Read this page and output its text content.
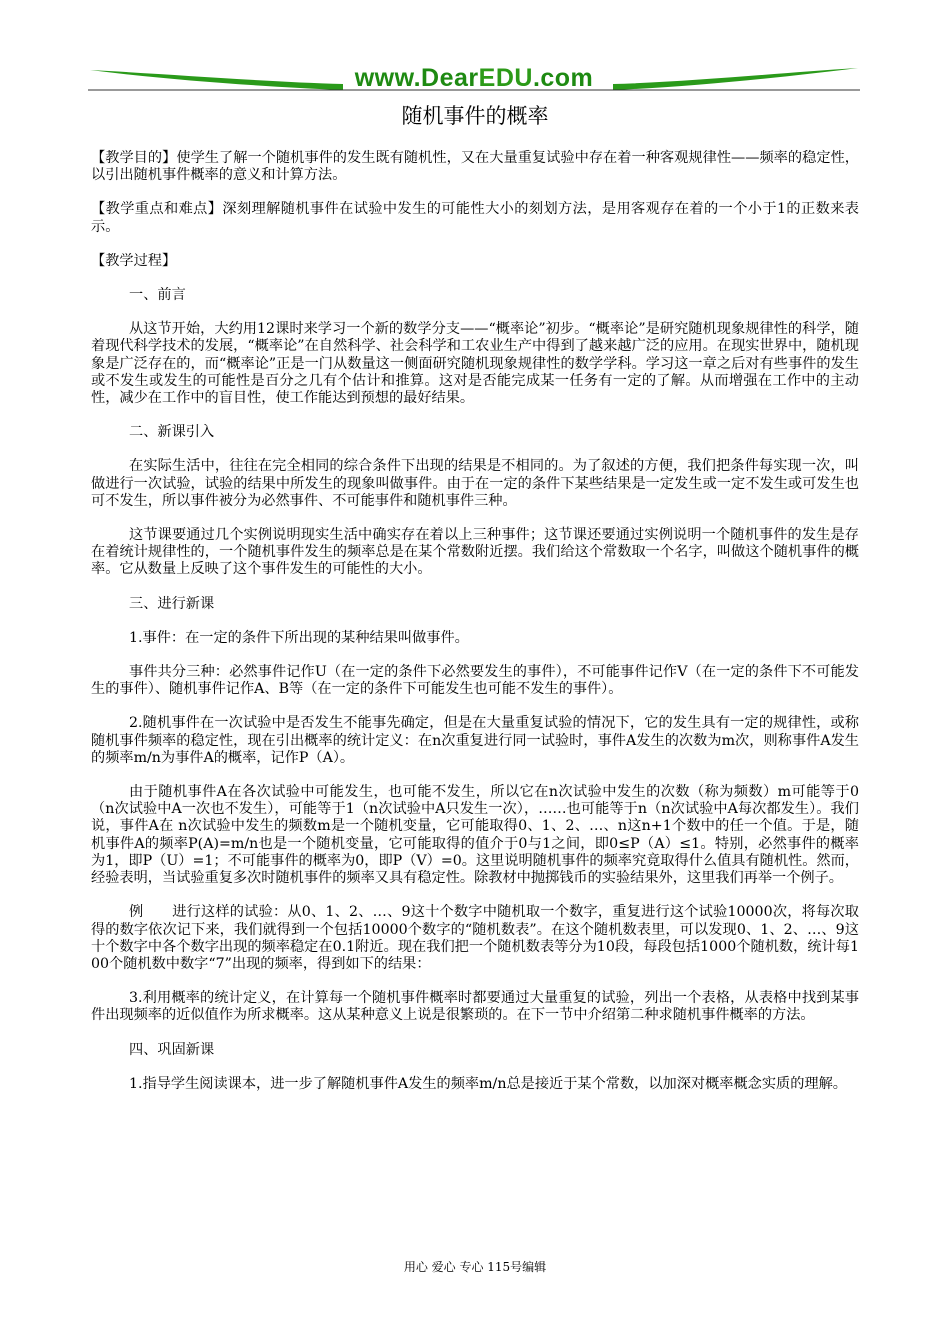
www.DearEDU.com
随机事件的概率

【教学目的】使学生了解一个随机事件的发生既有随机性，又在大量重复试验中存在着一种客观规律性——频率的稳定性，以引出随机事件概率的意义和计算方法。

【教学重点和难点】深刻理解随机事件在试验中发生的可能性大小的刻划方法，是用客观存在着的一个小于1的正数来表示。

【教学过程】

一、前言

从这节开始，大约用12课时来学习一个新的数学分支——“概率论”初步。“概率论”是研究随机现象规律性的科学，随着现代科学技术的发展，“概率论”在自然科学、社会科学和工农业生产中得到了越来越广泛的应用。在现实世界中，随机现象是广泛存在的，而“概率论”正是一门从数量这一侧面研究随机现象规律性的数学学科。学习这一章之后对有些事件的发生或不发生或发生的可能性是百分之几有个估计和推算。这对是否能完成某一任务有一定的了解。从而增强在工作中的主动性，减少在工作中的盲目性，使工作能达到预想的最好结果。

二、新课引入

在实际生活中，往往在完全相同的综合条件下出现的结果是不相同的。为了叙述的方便，我们把条件每实现一次，叫做进行一次试验，试验的结果中所发生的现象叫做事件。由于在一定的条件下某些结果是一定发生或一定不发生或可发生也可不发生，所以事件被分为必然事件、不可能事件和随机事件三种。

这节课要通过几个实例说明现实生活中确实存在着以上三种事件；这节课还要通过实例说明一个随机事件的发生是存在着统计规律性的，一个随机事件发生的频率总是在某个常数附近摆。我们给这个常数取一个名字，叫做这个随机事件的概率。它从数量上反映了这个事件发生的可能性的大小。

三、进行新课

1.事件：在一定的条件下所出现的某种结果叫做事件。

事件共分三种：必然事件记作U（在一定的条件下必然要发生的事件），不可能事件记作V（在一定的条件下不可能发生的事件）、随机事件记作A、B等（在一定的条件下可能发生也可能不发生的事件）。

2.随机事件在一次试验中是否发生不能事先确定，但是在大量重复试验的情况下，它的发生具有一定的规律性，或称随机事件频率的稳定性，现在引出概率的统计定义：在n次重复进行同一试验时，事件A发生的次数为m次，则称事件A发生的频率m/n为事件A的概率，记作P（A）。

由于随机事件A在各次试验中可能发生，也可能不发生，所以它在n次试验中发生的次数（称为频数）m可能等于0（n次试验中A一次也不发生），可能等于1（n次试验中A只发生一次），……也可能等于n（n次试验中A每次都发生）。我们说，事件A在 n次试验中发生的频数m是一个随机变量，它可能取得0、1、2、…、n这n+1个数中的任一个值。于是，随机事件A的频率P(A)=m/n也是一个随机变量，它可能取得的值介于0与1之间，即0≤P（A）≤1。特别，必然事件的概率为1，即P（U）=1；不可能事件的概率为0，即P（V）=0。这里说明随机事件的频率究竟取得什么值具有随机性。然而，经验表明，当试验重复多次时随机事件的频率又具有稳定性。除教材中抛掷钱币的实验结果外，这里我们再举一个例子。

例　　进行这样的试验：从0、1、2、…、9这十个数字中随机取一个数字，重复进行这个试验10000次，将每次取得的数字依次记下来，我们就得到一个包括10000个数字的“随机数表”。在这个随机数表里，可以发现0、1、2、…、9这十个数字中各个数字出现的频率稳定在0.1附近。现在我们把一个随机数表等分为10段，每段包括1000个随机数，统计每100个随机数中数字“7”出现的频率，得到如下的结果：

3.利用概率的统计定义，在计算每一个随机事件概率时都要通过大量重复的试验，列出一个表格，从表格中找到某事件出现频率的近似值作为所求概率。这从某种意义上说是很繁琐的。在下一节中介绍第二种求随机事件概率的方法。

四、巩固新课

1.指导学生阅读课本，进一步了解随机事件A发生的频率m/n总是接近于某个常数，以加深对概率概念实质的理解。

用心 爱心 专心 115号编辑
